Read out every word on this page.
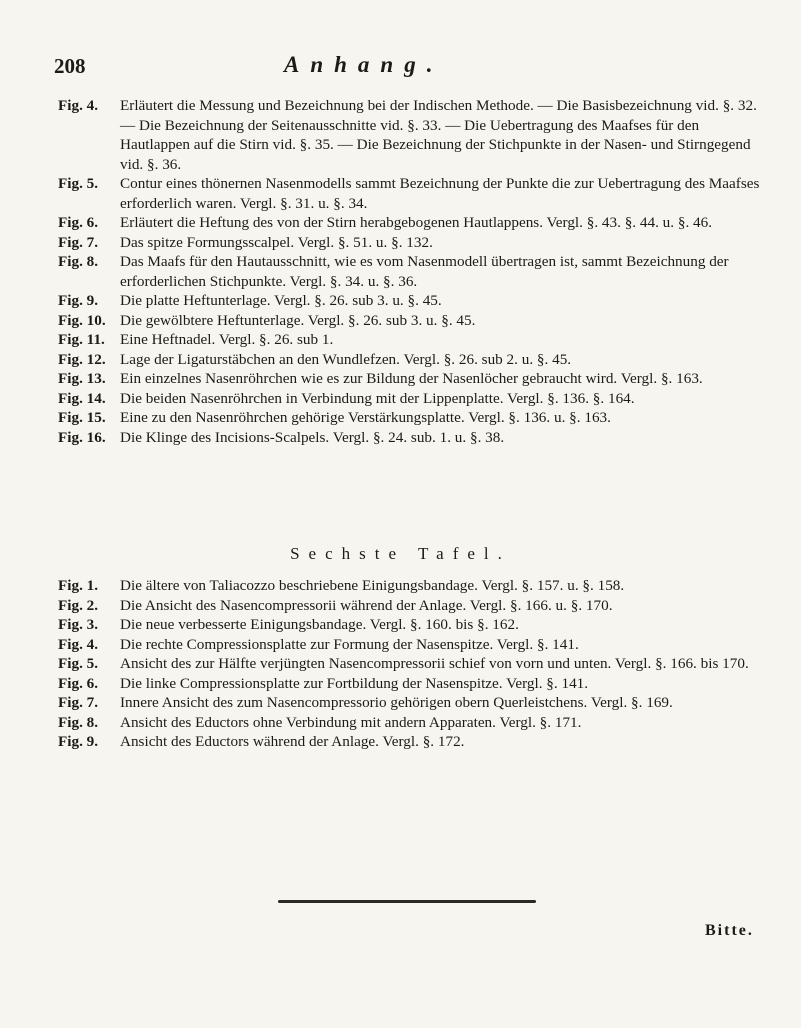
208	Anhang.
Fig. 4.	Erläutert die Messung und Bezeichnung bei der Indischen Methode. — Die Basisbezeichnung vid. §. 32. — Die Bezeichnung der Seitenausschnitte vid. §. 33. — Die Uebertragung des Maafses für den Hautlappen auf die Stirn vid. §. 35. — Die Bezeichnung der Stichpunkte in der Nasen- und Stirngegend vid. §. 36.
Fig. 5.	Contur eines thönernen Nasenmodells sammt Bezeichnung der Punkte die zur Uebertragung des Maafses erforderlich waren. Vergl. §. 31. u. §. 34.
Fig. 6.	Erläutert die Heftung des von der Stirn herabgebogenen Hautlappens. Vergl. §. 43. §. 44. u. §. 46.
Fig. 7.	Das spitze Formungsscalpel. Vergl. §. 51. u. §. 132.
Fig. 8.	Das Maafs für den Hautausschnitt, wie es vom Nasenmodell übertragen ist, sammt Bezeichnung der erforderlichen Stichpunkte. Vergl. §. 34. u. §. 36.
Fig. 9.	Die platte Heftunterlage. Vergl. §. 26. sub 3. u. §. 45.
Fig. 10. Die gewölbtere Heftunterlage. Vergl. §. 26. sub 3. u. §. 45.
Fig. 11. Eine Heftnadel. Vergl. §. 26. sub 1.
Fig. 12. Lage der Ligaturstäbchen an den Wundlefzen. Vergl. §. 26. sub 2. u. §. 45.
Fig. 13. Ein einzelnes Nasenröhrchen wie es zur Bildung der Nasenlöcher gebraucht wird. Vergl. §. 163.
Fig. 14. Die beiden Nasenröhrchen in Verbindung mit der Lippenplatte. Vergl. §. 136. §. 164.
Fig. 15. Eine zu den Nasenröhrchen gehörige Verstärkungsplatte. Vergl. §. 136. u. §. 163.
Fig. 16. Die Klinge des Incisions-Scalpels. Vergl. §. 24. sub. 1. u. §. 38.
Sechste Tafel.
Fig. 1.	Die ältere von Taliacozzo beschriebene Einigungsbandage. Vergl. §. 157. u. §. 158.
Fig. 2.	Die Ansicht des Nasencompressorii während der Anlage. Vergl. §. 166. u. §. 170.
Fig. 3.	Die neue verbesserte Einigungsbandage. Vergl. §. 160. bis §. 162.
Fig. 4.	Die rechte Compressionsplatte zur Formung der Nasenspitze. Vergl. §. 141.
Fig. 5.	Ansicht des zur Hälfte verjüngten Nasencompressorii schief von vorn und unten. Vergl. §. 166. bis 170.
Fig. 6.	Die linke Compressionsplatte zur Fortbildung der Nasenspitze. Vergl. §. 141.
Fig. 7.	Innere Ansicht des zum Nasencompressorio gehörigen obern Querleistchens. Vergl. §. 169.
Fig. 8.	Ansicht des Eductors ohne Verbindung mit andern Apparaten. Vergl. §. 171.
Fig. 9.	Ansicht des Eductors während der Anlage. Vergl. §. 172.
Bitte.
